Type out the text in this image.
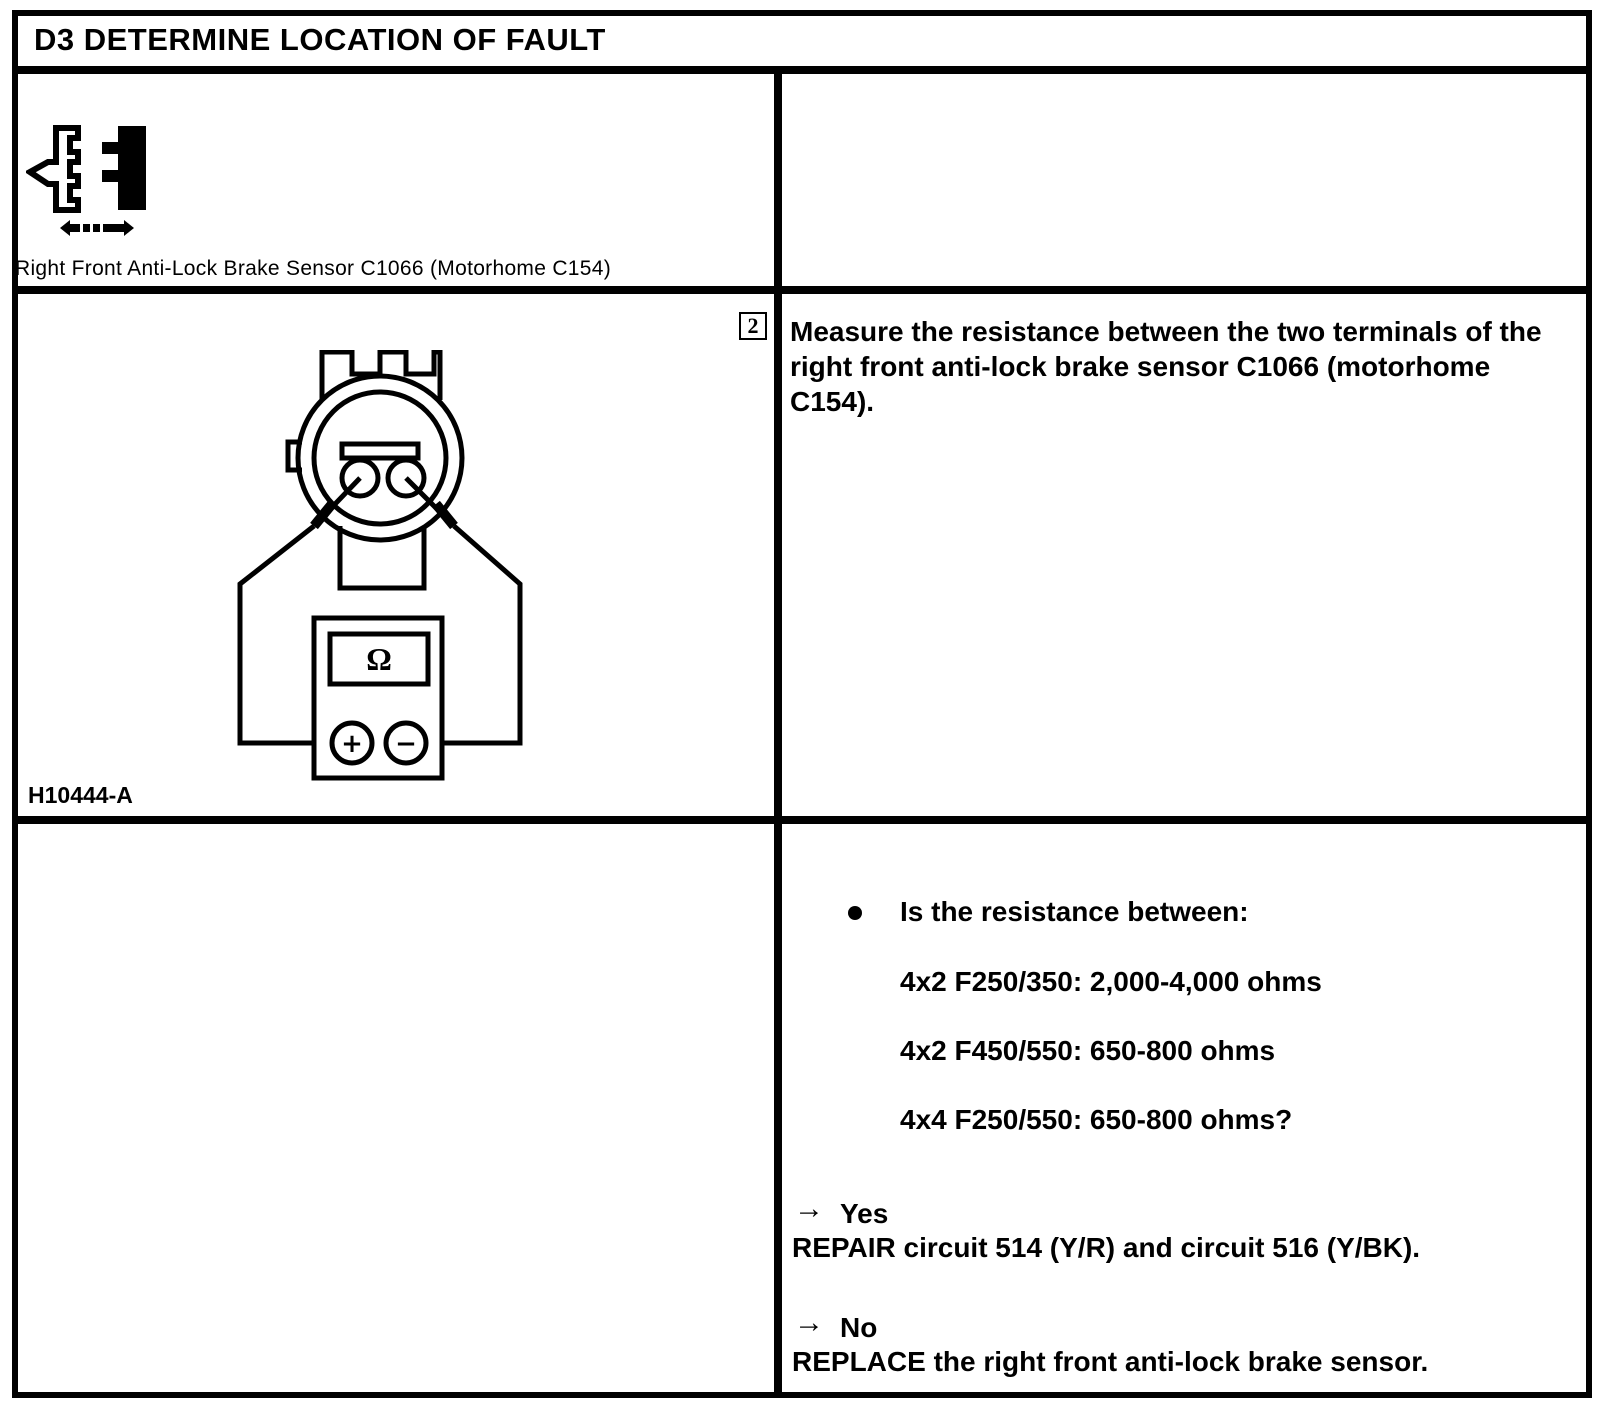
D3 DETERMINE LOCATION OF FAULT
Right Front Anti-Lock Brake Sensor C1066 (Motorhome C154)
2
Ω
+ −
H10444-A
Measure the resistance between the two terminals of the right front anti-lock brake sensor C1066 (motorhome C154).
Is the resistance between:
4x2 F250/350: 2,000-4,000 ohms
4x2 F450/550: 650-800 ohms
4x4 F250/550: 650-800 ohms?
→ Yes
REPAIR circuit 514 (Y/R) and circuit 516 (Y/BK).
→ No
REPLACE the right front anti-lock brake sensor.
